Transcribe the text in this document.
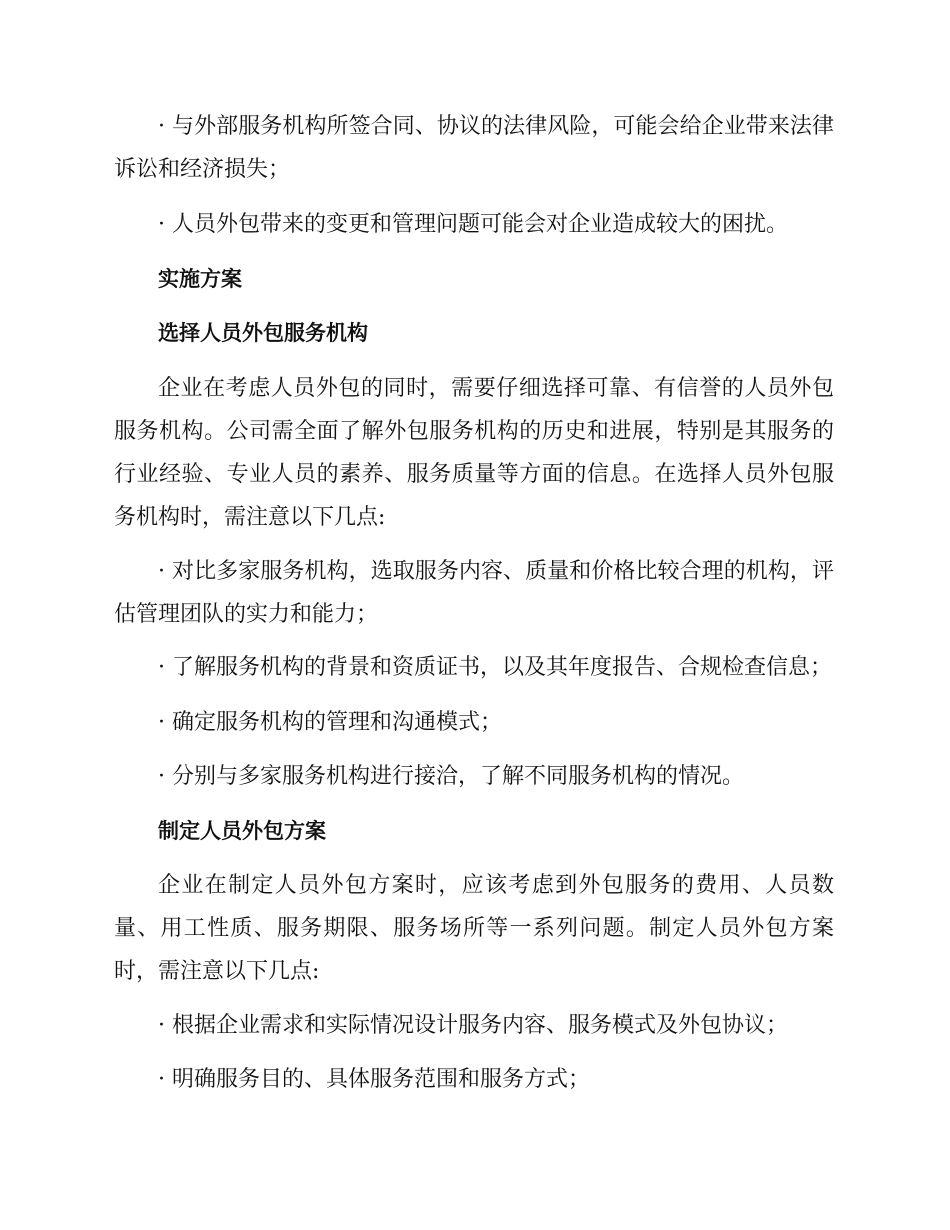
· 与外部服务机构所签合同、协议的法律风险，可能会给企业带来法律诉讼和经济损失；

· 人员外包带来的变更和管理问题可能会对企业造成较大的困扰。

实施方案

选择人员外包服务机构

企业在考虑人员外包的同时，需要仔细选择可靠、有信誉的人员外包服务机构。公司需全面了解外包服务机构的历史和进展，特别是其服务的行业经验、专业人员的素养、服务质量等方面的信息。在选择人员外包服务机构时，需注意以下几点:

· 对比多家服务机构，选取服务内容、质量和价格比较合理的机构，评估管理团队的实力和能力；

· 了解服务机构的背景和资质证书，以及其年度报告、合规检查信息；

· 确定服务机构的管理和沟通模式；

· 分别与多家服务机构进行接洽，了解不同服务机构的情况。

制定人员外包方案

企业在制定人员外包方案时，应该考虑到外包服务的费用、人员数量、用工性质、服务期限、服务场所等一系列问题。制定人员外包方案时，需注意以下几点:

· 根据企业需求和实际情况设计服务内容、服务模式及外包协议；

· 明确服务目的、具体服务范围和服务方式；
